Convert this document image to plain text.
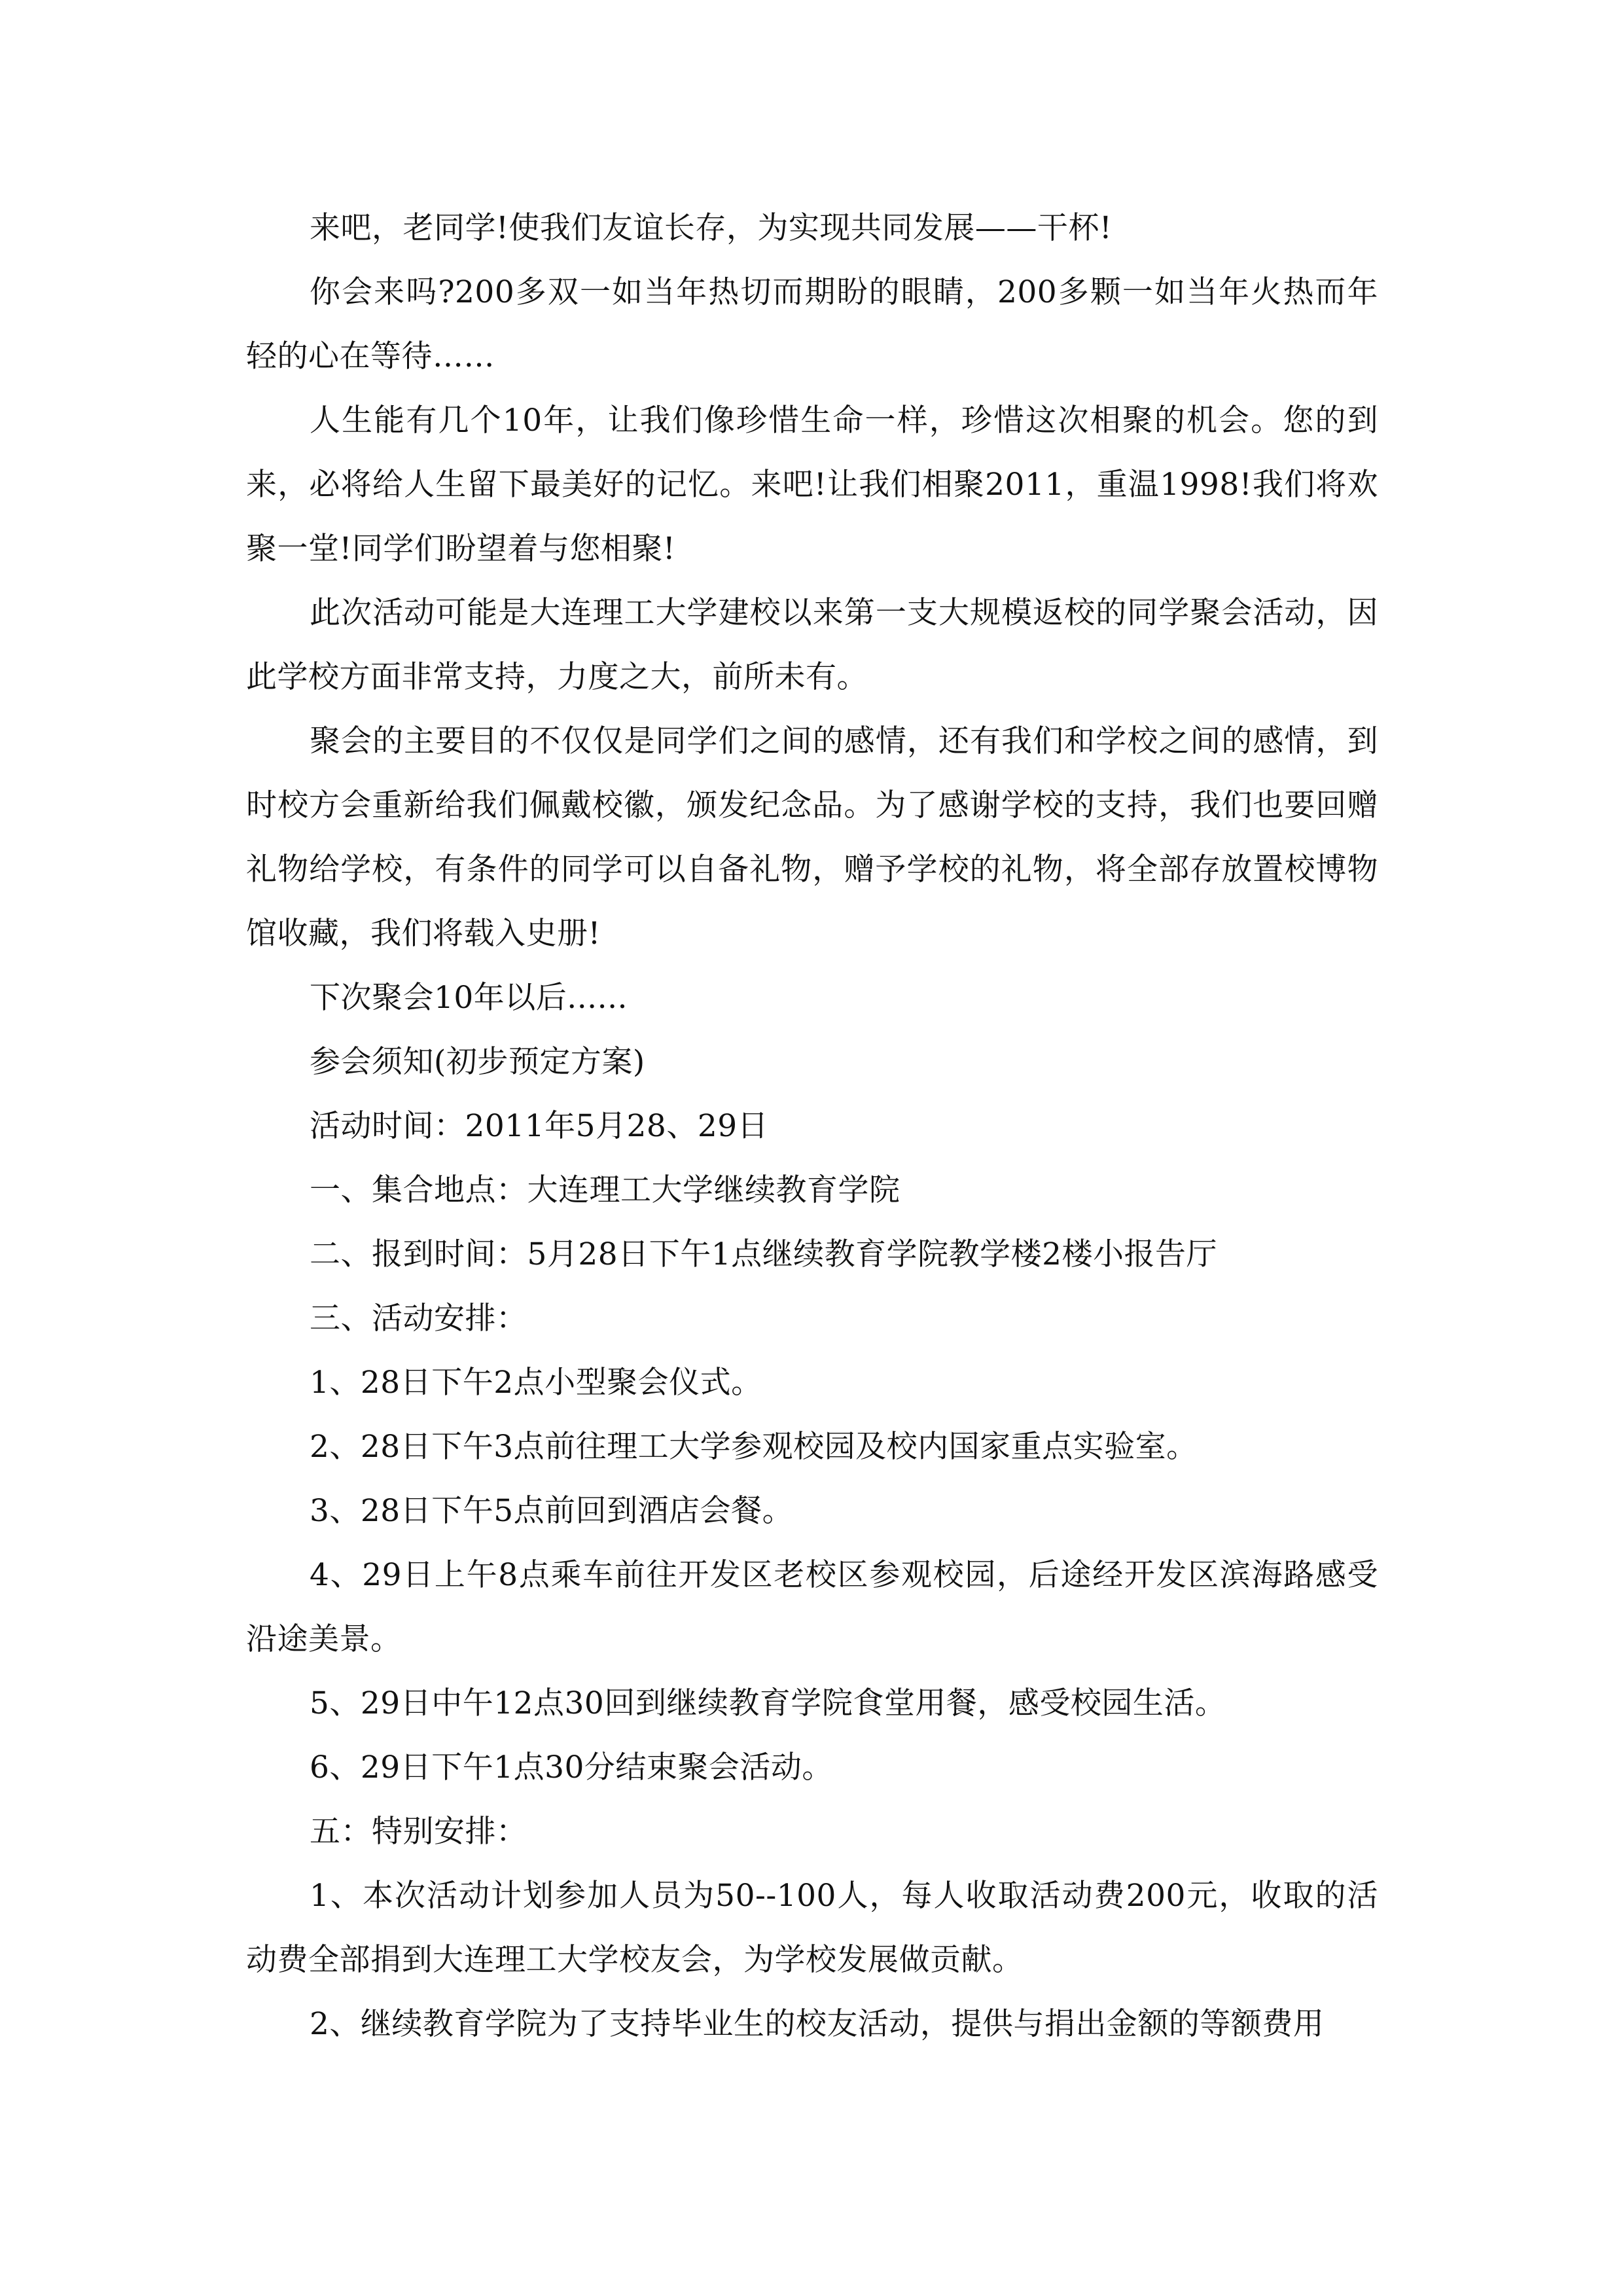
来吧，老同学!使我们友谊长存，为实现共同发展——干杯!

你会来吗?200多双一如当年热切而期盼的眼睛，200多颗一如当年火热而年轻的心在等待……

人生能有几个10年，让我们像珍惜生命一样，珍惜这次相聚的机会。您的到来，必将给人生留下最美好的记忆。来吧!让我们相聚2011，重温1998!我们将欢聚一堂!同学们盼望着与您相聚!

此次活动可能是大连理工大学建校以来第一支大规模返校的同学聚会活动，因此学校方面非常支持，力度之大，前所未有。

聚会的主要目的不仅仅是同学们之间的感情，还有我们和学校之间的感情，到时校方会重新给我们佩戴校徽，颁发纪念品。为了感谢学校的支持，我们也要回赠礼物给学校，有条件的同学可以自备礼物，赠予学校的礼物，将全部存放置校博物馆收藏，我们将载入史册!

下次聚会10年以后......

参会须知(初步预定方案)

活动时间：2011年5月28、29日

一、集合地点：大连理工大学继续教育学院

二、报到时间：5月28日下午1点继续教育学院教学楼2楼小报告厅

三、活动安排：

1、28日下午2点小型聚会仪式。

2、28日下午3点前往理工大学参观校园及校内国家重点实验室。

3、28日下午5点前回到酒店会餐。

4、29日上午8点乘车前往开发区老校区参观校园，后途经开发区滨海路感受沿途美景。

5、29日中午12点30回到继续教育学院食堂用餐，感受校园生活。

6、29日下午1点30分结束聚会活动。

五：特别安排：

1、本次活动计划参加人员为50--100人，每人收取活动费200元，收取的活动费全部捐到大连理工大学校友会，为学校发展做贡献。

2、继续教育学院为了支持毕业生的校友活动，提供与捐出金额的等额费用
